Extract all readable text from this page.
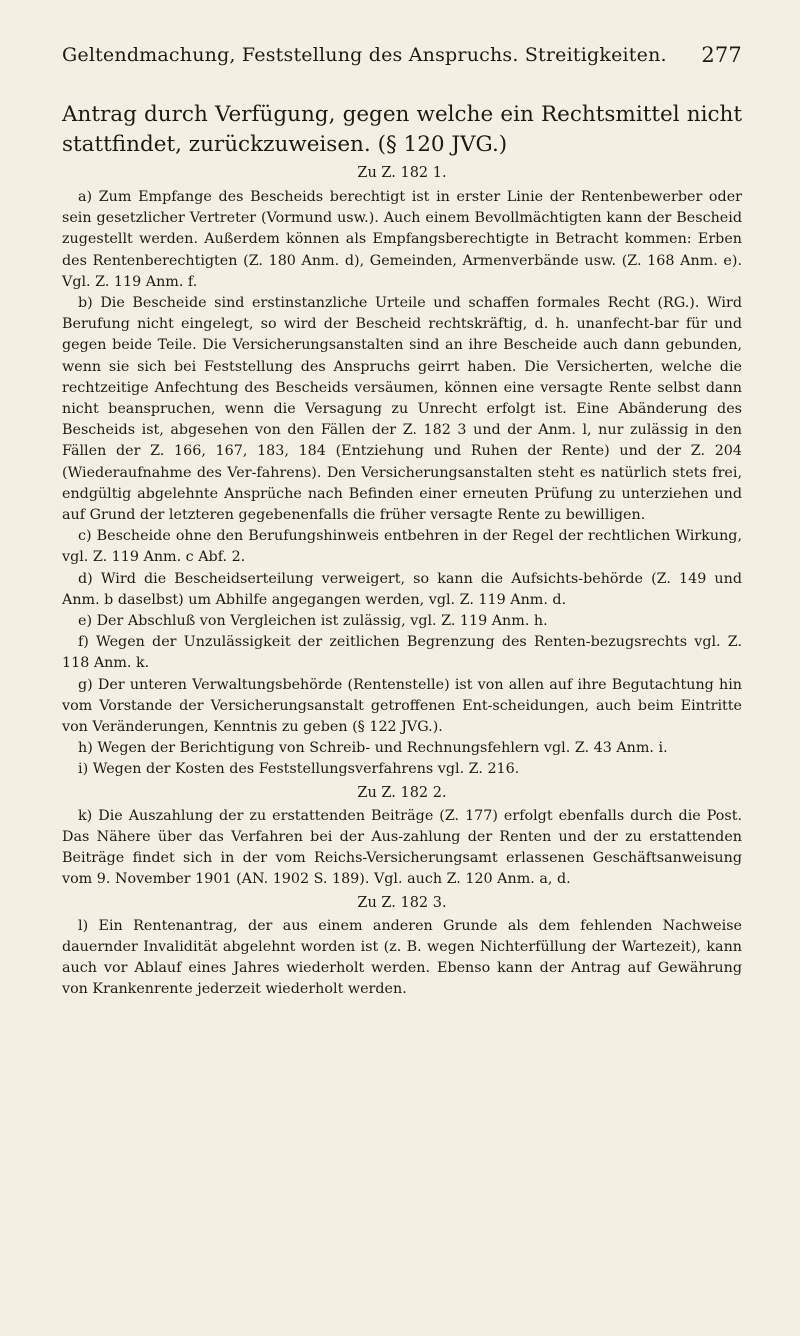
Geltendmachung, Feststellung des Anspruchs. Streitigkeiten. 277

Antrag durch Verfügung, gegen welche ein Rechtsmittel nicht stattfindet, zurückzuweisen. (§ 120 JVG.)

Zu Z. 182 1.

a) Zum Empfange des Bescheids berechtigt ist in erster Linie der Rentenbewerber oder sein gesetzlicher Vertreter (Vormund usw.). Auch einem Bevollmächtigten kann der Bescheid zugestellt werden. Außerdem können als Empfangsberechtigte in Betracht kommen: Erben des Rentenberechtigten (Z. 180 Anm. d), Gemeinden, Armenverbände usw. (Z. 168 Anm. e). Vgl. Z. 119 Anm. f.

b) Die Bescheide sind erstinstanzliche Urteile und schaffen formales Recht (RG.). Wird Berufung nicht eingelegt, so wird der Bescheid rechtskräftig, d. h. unanfecht-bar für und gegen beide Teile. Die Versicherungsanstalten sind an ihre Bescheide auch dann gebunden, wenn sie sich bei Feststellung des Anspruchs geirrt haben. Die Versicherten, welche die rechtzeitige Anfechtung des Bescheids versäumen, können eine versagte Rente selbst dann nicht beanspruchen, wenn die Versagung zu Unrecht erfolgt ist. Eine Abänderung des Bescheids ist, abgesehen von den Fällen der Z. 182 3 und der Anm. l, nur zulässig in den Fällen der Z. 166, 167, 183, 184 (Entziehung und Ruhen der Rente) und der Z. 204 (Wiederaufnahme des Ver-fahrens). Den Versicherungsanstalten steht es natürlich stets frei, endgültig abgelehnte Ansprüche nach Befinden einer erneuten Prüfung zu unterziehen und auf Grund der letzteren gegebenenfalls die früher versagte Rente zu bewilligen.

c) Bescheide ohne den Berufungshinweis entbehren in der Regel der rechtlichen Wirkung, vgl. Z. 119 Anm. c Abf. 2.

d) Wird die Bescheidserteilung verweigert, so kann die Aufsichts-behörde (Z. 149 und Anm. b daselbst) um Abhilfe angegangen werden, vgl. Z. 119 Anm. d.

e) Der Abschluß von Vergleichen ist zulässig, vgl. Z. 119 Anm. h.

f) Wegen der Unzulässigkeit der zeitlichen Begrenzung des Renten-bezugsrechts vgl. Z. 118 Anm. k.

g) Der unteren Verwaltungsbehörde (Rentenstelle) ist von allen auf ihre Begutachtung hin vom Vorstande der Versicherungsanstalt getroffenen Ent-scheidungen, auch beim Eintritte von Veränderungen, Kenntnis zu geben (§ 122 JVG.).

h) Wegen der Berichtigung von Schreib- und Rechnungsfehlern vgl. Z. 43 Anm. i.

i) Wegen der Kosten des Feststellungsverfahrens vgl. Z. 216.

Zu Z. 182 2.

k) Die Auszahlung der zu erstattenden Beiträge (Z. 177) erfolgt ebenfalls durch die Post. Das Nähere über das Verfahren bei der Aus-zahlung der Renten und der zu erstattenden Beiträge findet sich in der vom Reichs-Versicherungsamt erlassenen Geschäftsanweisung vom 9. November 1901 (AN. 1902 S. 189). Vgl. auch Z. 120 Anm. a, d.

Zu Z. 182 3.

l) Ein Rentenantrag, der aus einem anderen Grunde als dem fehlenden Nachweise dauernder Invalidität abgelehnt worden ist (z. B. wegen Nichterfüllung der Wartezeit), kann auch vor Ablauf eines Jahres wiederholt werden. Ebenso kann der Antrag auf Gewährung von Krankenrente jederzeit wiederholt werden.
